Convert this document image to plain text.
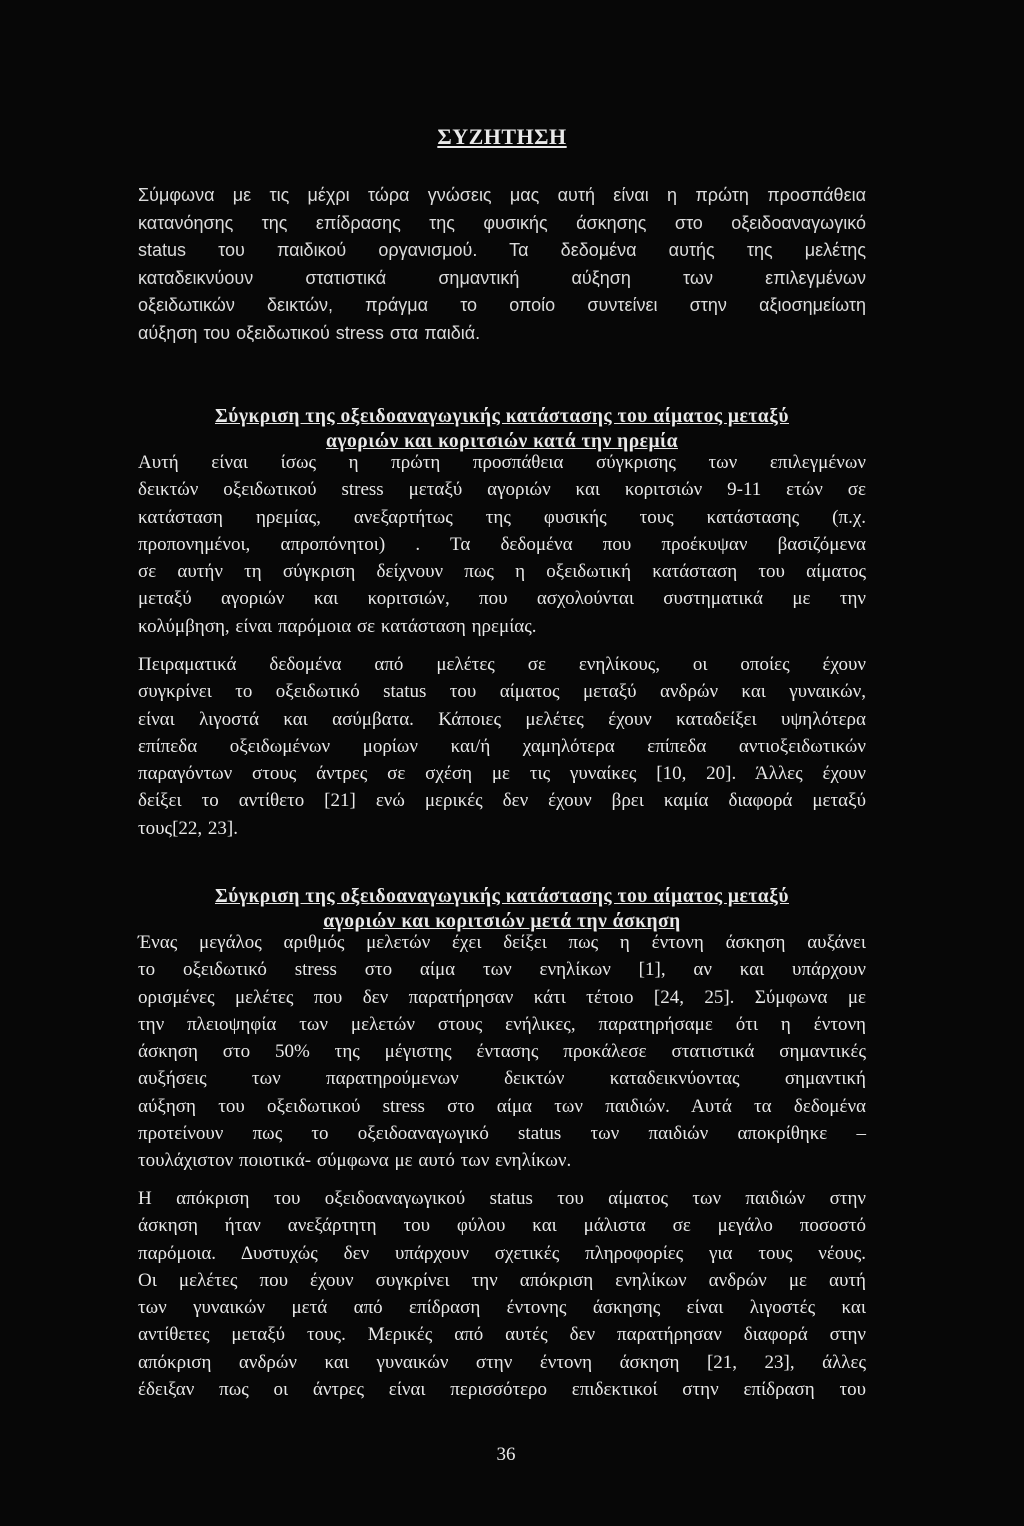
ΣΥΖΗΤΗΣΗ

Σύμφωνα με τις μέχρι τώρα γνώσεις μας αυτή είναι η πρώτη προσπάθεια

κατανόησης της επίδρασης της φυσικής άσκησης στο οξειδοαναγωγικό

status του παιδικού οργανισμού. Τα δεδομένα αυτής της μελέτης

καταδεικνύουν στατιστικά σημαντική αύξηση των επιλεγμένων

οξειδωτικών δεικτών, πράγμα το οποίο συντείνει στην αξιοσημείωτη

αύξηση του οξειδωτικού stress στα παιδιά.

Σύγκριση της οξειδοαναγωγικής κατάστασης του αίματος μεταξύ
αγοριών και κοριτσιών κατά την ηρεμία

Αυτή είναι ίσως η πρώτη προσπάθεια σύγκρισης των επιλεγμένων

δεικτών οξειδωτικού stress μεταξύ αγοριών και κοριτσιών 9-11 ετών σε

κατάσταση ηρεμίας, ανεξαρτήτως της φυσικής τους κατάστασης (π.χ.

προπονημένοι, απροπόνητοι) . Τα δεδομένα που προέκυψαν βασιζόμενα

σε αυτήν τη σύγκριση δείχνουν πως η οξειδωτική κατάσταση του αίματος

μεταξύ αγοριών και κοριτσιών, που ασχολούνται συστηματικά με την

κολύμβηση, είναι παρόμοια σε κατάσταση ηρεμίας.

Πειραματικά δεδομένα από μελέτες σε ενηλίκους, οι οποίες έχουν

συγκρίνει το οξειδωτικό status του αίματος μεταξύ ανδρών και γυναικών,

είναι λιγοστά και ασύμβατα. Κάποιες μελέτες έχουν καταδείξει υψηλότερα

επίπεδα οξειδωμένων μορίων και/ή χαμηλότερα επίπεδα αντιοξειδωτικών

παραγόντων στους άντρες σε σχέση με τις γυναίκες [10, 20]. Άλλες έχουν

δείξει το αντίθετο [21] ενώ μερικές δεν έχουν βρει καμία διαφορά μεταξύ

τους[22, 23].

Σύγκριση της οξειδοαναγωγικής κατάστασης του αίματος μεταξύ
αγοριών και κοριτσιών μετά την άσκηση

Ένας μεγάλος αριθμός μελετών έχει δείξει πως η έντονη άσκηση αυξάνει

το οξειδωτικό stress στο αίμα των ενηλίκων [1], αν και υπάρχουν

ορισμένες μελέτες που δεν παρατήρησαν κάτι τέτοιο [24, 25]. Σύμφωνα με

την πλειοψηφία των μελετών στους ενήλικες, παρατηρήσαμε ότι η έντονη

άσκηση στο 50% της μέγιστης έντασης προκάλεσε στατιστικά σημαντικές

αυξήσεις των παρατηρούμενων δεικτών καταδεικνύοντας σημαντική

αύξηση του οξειδωτικού stress στο αίμα των παιδιών. Αυτά τα δεδομένα

προτείνουν πως το οξειδοαναγωγικό status των παιδιών αποκρίθηκε –

τουλάχιστον ποιοτικά- σύμφωνα με αυτό των ενηλίκων.

Η απόκριση του οξειδοαναγωγικού status του αίματος των παιδιών στην

άσκηση ήταν ανεξάρτητη του φύλου και μάλιστα σε μεγάλο ποσοστό

παρόμοια. Δυστυχώς δεν υπάρχουν σχετικές πληροφορίες για τους νέους.

Οι μελέτες που έχουν συγκρίνει την απόκριση ενηλίκων ανδρών με αυτή

των γυναικών μετά από επίδραση έντονης άσκησης είναι λιγοστές και

αντίθετες μεταξύ τους. Μερικές από αυτές δεν παρατήρησαν διαφορά στην

απόκριση ανδρών και γυναικών στην έντονη άσκηση [21, 23], άλλες

έδειξαν πως οι άντρες είναι περισσότερο επιδεκτικοί στην επίδραση του

36
